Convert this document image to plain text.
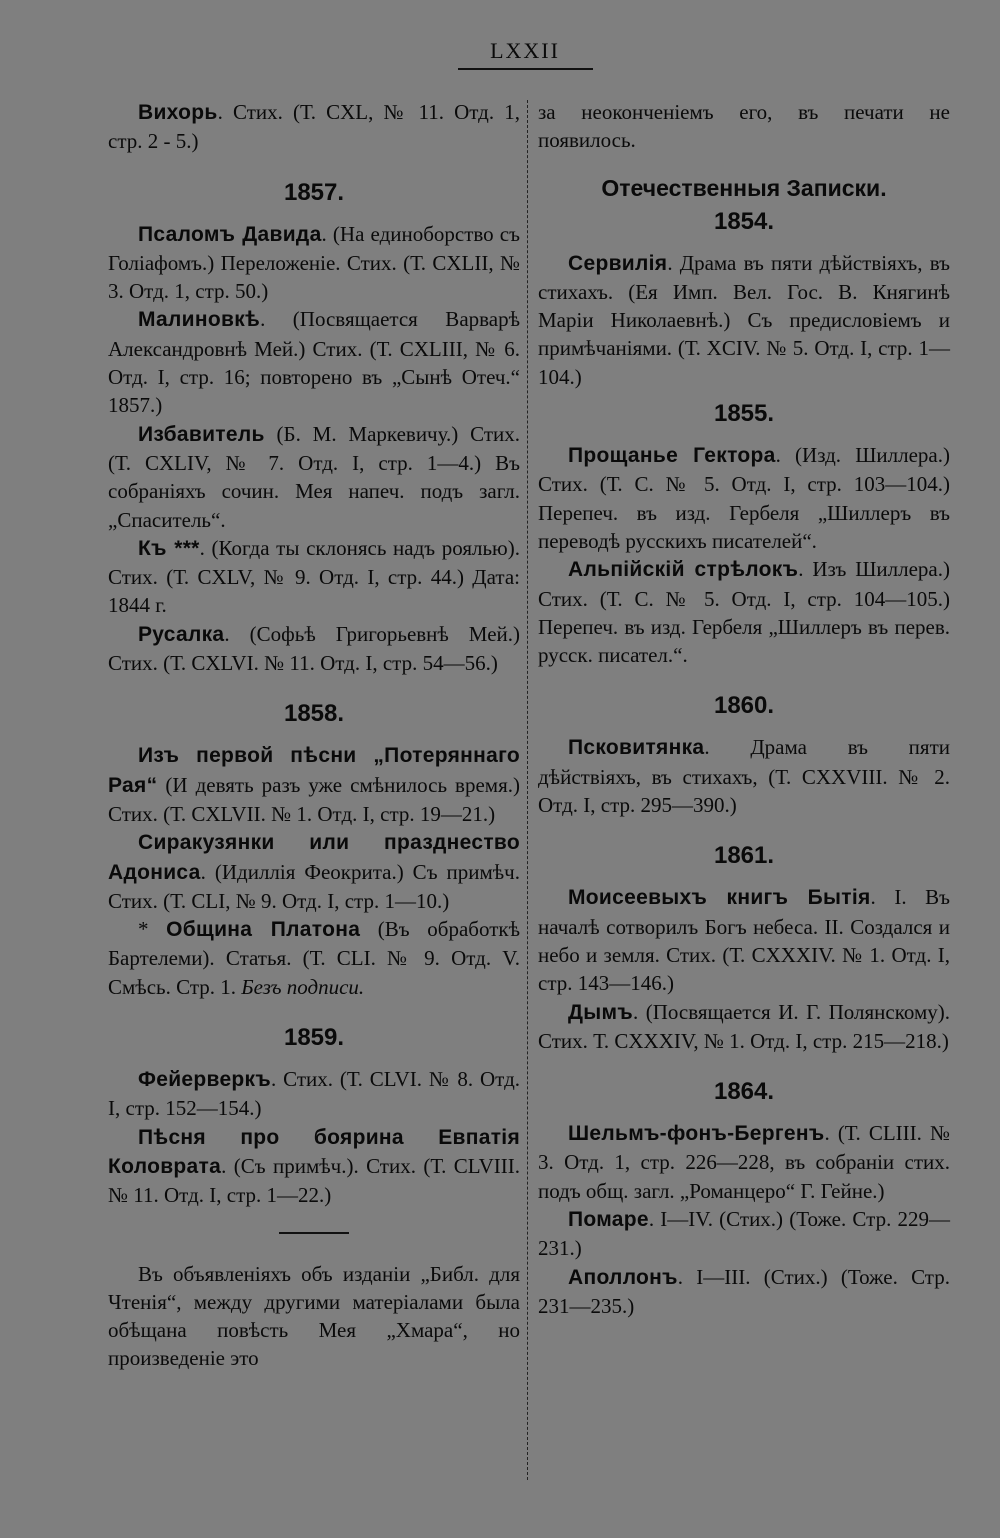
LXXII

Вихорь. Стих. (Т. CXL, № 11. Отд. 1, стр. 2 - 5.)

1857.

Псаломъ Давида. (На единоборство съ Голіафомъ.) Переложеніе. Стих. (Т. CXLII, № 3. Отд. 1, стр. 50.)

Малиновкѣ. (Посвящается Варварѣ Александровнѣ Мей.) Стих. (Т. CXLIII, № 6. Отд. I, стр. 16; повторено въ „Сынѣ Отеч.“ 1857.)

Избавитель (Б. М. Маркевичу.) Стих. (Т. CXLIV, № 7. Отд. I, стр. 1—4.) Въ собраніяхъ сочин. Мея напеч. подъ загл. „Спаситель“.

Къ ***. (Когда ты склонясь надъ роялью). Стих. (Т. CXLV, № 9. Отд. I, стр. 44.) Дата: 1844 г.

Русалка. (Софьѣ Григорьевнѣ Мей.) Стих. (Т. CXLVI. № 11. Отд. I, стр. 54—56.)

1858.

Изъ первой пѣсни „Потеряннаго Рая“ (И девять разъ уже смѣнилось время.) Стих. (Т. CXLVII. № 1. Отд. I, стр. 19—21.)

Сиракузянки или празднество Адониса. (Идиллія Феокрита.) Съ примѣч. Стих. (Т. CLI, № 9. Отд. I, стр. 1—10.)

* Община Платона (Въ обработкѣ Бартелеми). Статья. (Т. CLI. № 9. Отд. V. Смѣсь. Стр. 1. Безъ подписи.

1859.

Фейерверкъ. Стих. (Т. CLVI. № 8. Отд. I, стр. 152—154.)

Пѣсня про боярина Евпатія Коловрата. (Съ примѣч.). Стих. (Т. CLVIII. № 11. Отд. I, стр. 1—22.)

Въ объявленіяхъ объ изданіи „Библ. для Чтенія“, между другими матеріалами была обѣщана повѣсть Мея „Хмара“, но произведеніе это

за неоконченіемъ его, въ печати не появилось.

Отечественныя Записки.
1854.

Сервилія. Драма въ пяти дѣйствіяхъ, въ стихахъ. (Ея Имп. Вел. Гос. В. Княгинѣ Маріи Николаевнѣ.) Съ предисловіемъ и примѣчаніями. (Т. XCIV. № 5. Отд. I, стр. 1—104.)

1855.

Прощанье Гектора. (Изд. Шиллера.) Стих. (Т. C. № 5. Отд. I, стр. 103—104.) Перепеч. въ изд. Гербеля „Шиллеръ въ переводѣ русскихъ писателей“.

Альпійскій стрѣлокъ. Изъ Шиллера.) Стих. (Т. C. № 5. Отд. I, стр. 104—105.) Перепеч. въ изд. Гербеля „Шиллеръ въ перев. русск. писател.“.

1860.

Псковитянка. Драма въ пяти дѣйствіяхъ, въ стихахъ, (Т. CXXVIII. № 2. Отд. I, стр. 295—390.)

1861.

Моисеевыхъ книгъ Бытія. I. Въ началѣ сотворилъ Богъ небеса. II. Создался и небо и земля. Стих. (Т. CXXXIV. № 1. Отд. I, стр. 143—146.)

Дымъ. (Посвящается И. Г. Полянскому). Стих. Т. CXXXIV, № 1. Отд. I, стр. 215—218.)

1864.

Шельмъ-фонъ-Бергенъ. (Т. CLIII. № 3. Отд. 1, стр. 226—228, въ собраніи стих. подъ общ. загл. „Романцеро“ Г. Гейне.)

Помаре. I—IV. (Стих.) (Тоже. Стр. 229—231.)

Аполлонъ. I—III. (Стих.) (Тоже. Стр. 231—235.)
